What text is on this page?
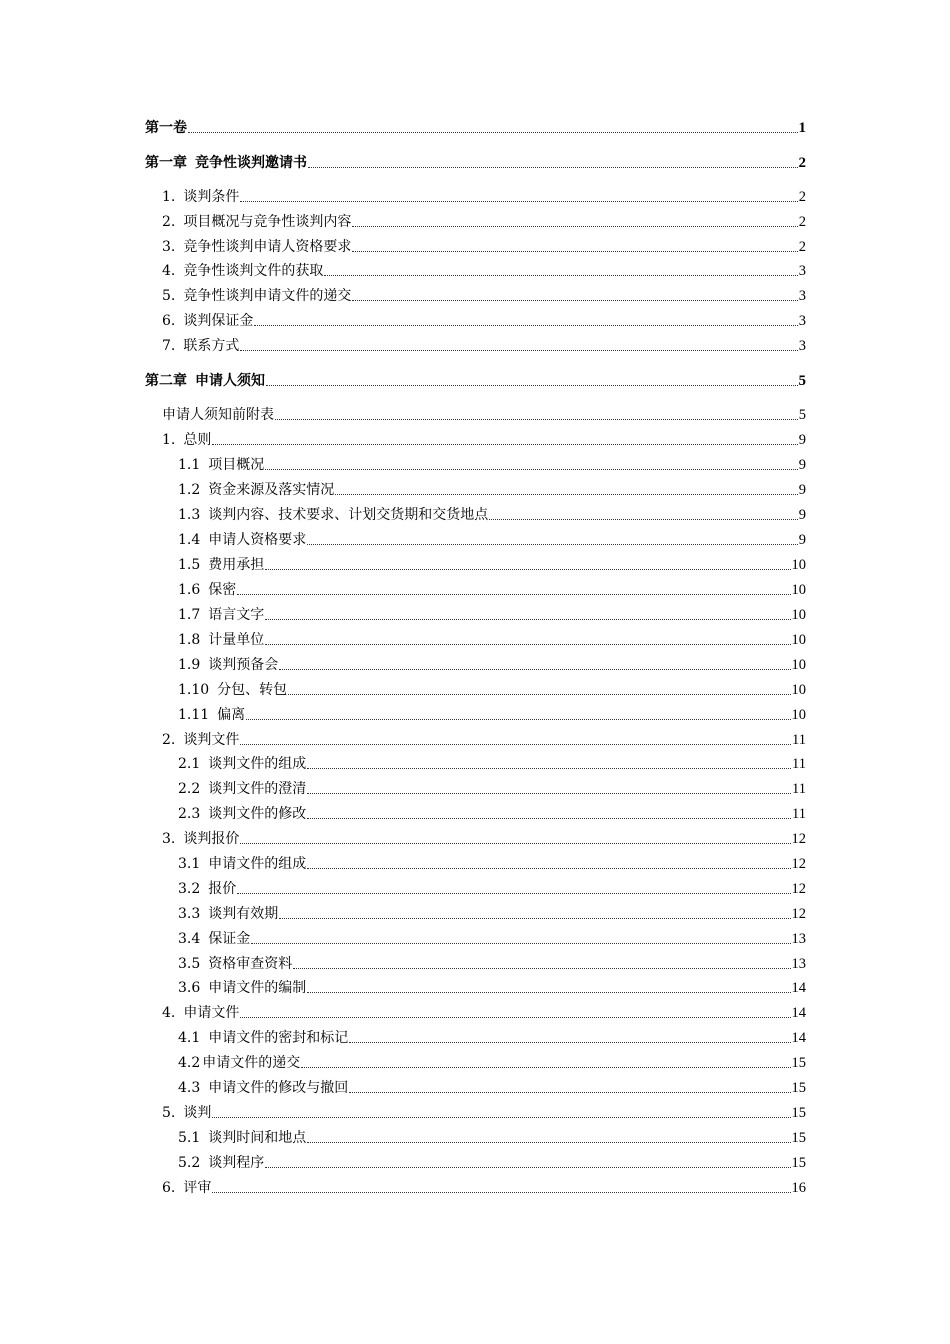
第一卷	1
第一章 竞争性谈判邀请书	2
1. 谈判条件	2
2. 项目概况与竞争性谈判内容	2
3. 竞争性谈判申请人资格要求	2
4. 竞争性谈判文件的获取	3
5. 竞争性谈判申请文件的递交	3
6. 谈判保证金	3
7. 联系方式	3
第二章 申请人须知	5
申请人须知前附表	5
1. 总则	9
1.1 项目概况	9
1.2 资金来源及落实情况	9
1.3 谈判内容、技术要求、计划交货期和交货地点	9
1.4 申请人资格要求	9
1.5 费用承担	10
1.6 保密	10
1.7 语言文字	10
1.8 计量单位	10
1.9 谈判预备会	10
1.10 分包、转包	10
1.11 偏离	10
2. 谈判文件	11
2.1 谈判文件的组成	11
2.2 谈判文件的澄清	11
2.3 谈判文件的修改	11
3. 谈判报价	12
3.1 申请文件的组成	12
3.2 报价	12
3.3 谈判有效期	12
3.4 保证金	13
3.5 资格审查资料	13
3.6 申请文件的编制	14
4. 申请文件	14
4.1 申请文件的密封和标记	14
4.2 申请文件的递交	15
4.3 申请文件的修改与撤回	15
5. 谈判	15
5.1 谈判时间和地点	15
5.2 谈判程序	15
6. 评审	16
